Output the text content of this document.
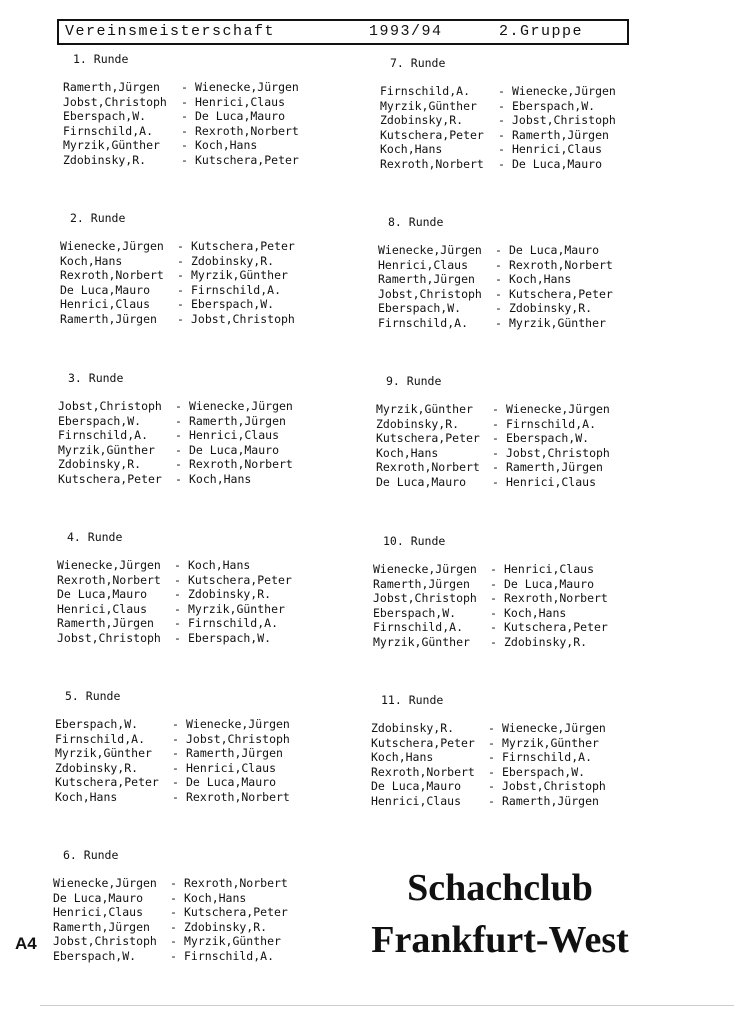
Vereinsmeisterschaft	1993/94	2.Gruppe
1. Runde
Ramerth,Jürgen - Wienecke,Jürgen
Jobst,Christoph - Henrici,Claus
Eberspach,W.	- De Luca,Mauro
Firnschild,A. - Rexroth,Norbert
Myrzik,Günther - Koch,Hans
Zdobinsky,R.	- Kutschera,Peter
2. Runde
Wienecke,Jürgen - Kutschera,Peter
Koch,Hans	- Zdobinsky,R.
Rexroth,Norbert - Myrzik,Günther
De Luca,Mauro - Firnschild,A.
Henrici,Claus - Eberspach,W.
Ramerth,Jürgen - Jobst,Christoph
3. Runde
Jobst,Christoph - Wienecke,Jürgen
Eberspach,W.	- Ramerth,Jürgen
Firnschild,A. - Henrici,Claus
Myrzik,Günther - De Luca,Mauro
Zdobinsky,R.	- Rexroth,Norbert
Kutschera,Peter - Koch,Hans
4. Runde
Wienecke,Jürgen - Koch,Hans
Rexroth,Norbert - Kutschera,Peter
De Luca,Mauro - Zdobinsky,R.
Henrici,Claus - Myrzik,Günther
Ramerth,Jürgen - Firnschild,A.
Jobst,Christoph - Eberspach,W.
5. Runde
Eberspach,W.	- Wienecke,Jürgen
Firnschild,A. - Jobst,Christoph
Myrzik,Günther - Ramerth,Jürgen
Zdobinsky,R.	- Henrici,Claus
Kutschera,Peter - De Luca,Mauro
Koch,Hans	- Rexroth,Norbert
6. Runde
Wienecke,Jürgen - Rexroth,Norbert
De Luca,Mauro - Koch,Hans
Henrici,Claus - Kutschera,Peter
Ramerth,Jürgen - Zdobinsky,R.
Jobst,Christoph - Myrzik,Günther
Eberspach,W.	- Firnschild,A.
7. Runde
Firnschild,A. - Wienecke,Jürgen
Myrzik,Günther - Eberspach,W.
Zdobinsky,R.	- Jobst,Christoph
Kutschera,Peter - Ramerth,Jürgen
Koch,Hans	- Henrici,Claus
Rexroth,Norbert - De Luca,Mauro
8. Runde
Wienecke,Jürgen - De Luca,Mauro
Henrici,Claus - Rexroth,Norbert
Ramerth,Jürgen - Koch,Hans
Jobst,Christoph - Kutschera,Peter
Eberspach,W.	- Zdobinsky,R.
Firnschild,A. - Myrzik,Günther
9. Runde
Myrzik,Günther - Wienecke,Jürgen
Zdobinsky,R.	- Firnschild,A.
Kutschera,Peter - Eberspach,W.
Koch,Hans	- Jobst,Christoph
Rexroth,Norbert - Ramerth,Jürgen
De Luca,Mauro - Henrici,Claus
10. Runde
Wienecke,Jürgen - Henrici,Claus
Ramerth,Jürgen - De Luca,Mauro
Jobst,Christoph - Rexroth,Norbert
Eberspach,W.	- Koch,Hans
Firnschild,A. - Kutschera,Peter
Myrzik,Günther - Zdobinsky,R.
11. Runde
Zdobinsky,R.	- Wienecke,Jürgen
Kutschera,Peter - Myrzik,Günther
Koch,Hans	- Firnschild,A.
Rexroth,Norbert - Eberspach,W.
De Luca,Mauro - Jobst,Christoph
Henrici,Claus - Ramerth,Jürgen
Schachclub
Frankfurt-West
A4
